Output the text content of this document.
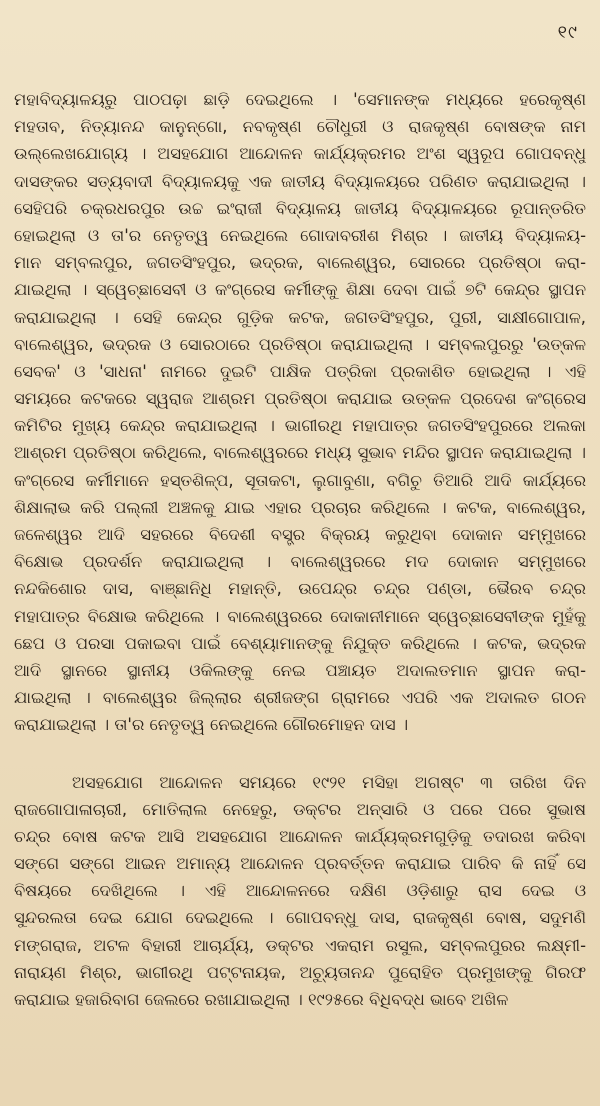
୧୯
ମହାବିଦ୍ୟାଳୟରୁ ପାଠପଢ଼ା ଛାଡ଼ି ଦେଇଥିଲେ । 'ସେମାନଙ୍କ ମଧ୍ୟରେ ହରେକୃଷ୍ଣ
ମହତାବ, ନିତ୍ୟାନନ୍ଦ କାନୁନ୍‌ଗୋ, ନବକୃଷ୍ଣ ଚୌଧୁରୀ ଓ ରାଜକୃଷ୍ଣ ବୋଷଙ୍କ ନାମ
ଉଲ୍ଲେଖଯୋଗ୍ୟ । ଅସହଯୋଗ ଆନ୍ଦୋଳନ କାର୍ଯ୍ୟକ୍ରମର ଅଂଶ ସ୍ୱରୂପ ଗୋପବନ୍ଧୁ
ଦାସଙ୍କର ସତ୍ୟବାଦୀ ବିଦ୍ୟାଳୟକୁ ଏକ ଜାତୀୟ ବିଦ୍ୟାଳୟରେ ପରିଣତ କରାଯାଇଥିଲା ।
ସେହିପରି ଚକ୍ରଧରପୁର ଉଚ୍ଚ ଇଂରାଜୀ ବିଦ୍ୟାଳୟ ଜାତୀୟ ବିଦ୍ୟାଳୟରେ ରୂପାନ୍ତରିତ
ହୋଇଥିଲା ଓ ତା'ର ନେତୃତ୍ୱ ନେଇଥିଲେ ଗୋଦାବରୀଶ ମିଶ୍ର । ଜାତୀୟ ବିଦ୍ୟାଳୟ-
ମାନ ସମ୍ବଲପୁର, ଜଗତସିଂହପୁର, ଭଦ୍ରକ, ବାଲେଶ୍ୱର, ସୋରରେ ପ୍ରତିଷ୍ଠା କରା-
ଯାଇଥିଲା । ସ୍ୱେଚ୍ଛାସେବୀ ଓ କଂଗ୍ରେସ କର୍ମୀଙ୍କୁ ଶିକ୍ଷା ଦେବା ପାଇଁ ୭ଟି କେନ୍ଦ୍ର ସ୍ଥାପନ
କରାଯାଇଥିଲା । ସେହି କେନ୍ଦ୍ର ଗୁଡ଼ିକ କଟକ, ଜଗତସିଂହପୁର, ପୁରୀ, ସାକ୍ଷୀଗୋପାଳ,
ବାଲେଶ୍ୱର, ଭଦ୍ରକ ଓ ସୋରଠାରେ ପ୍ରତିଷ୍ଠା କରାଯାଇଥିଲା । ସମ୍ବଲପୁରରୁ 'ଉତ୍କଳ
ସେବକ' ଓ 'ସାଧନା' ନାମରେ ଦୁଇଟି ପାକ୍ଷିକ ପତ୍ରିକା ପ୍ରକାଶିତ ହୋଇଥିଲା । ଏହି
ସମୟରେ କଟକରେ ସ୍ୱରାଜ ଆଶ୍ରମ ପ୍ରତିଷ୍ଠା କରାଯାଇ ଉତ୍କଳ ପ୍ରଦେଶ କଂଗ୍ରେସ
କମିଟିର ମୁଖ୍ୟ କେନ୍ଦ୍ର କରାଯାଇଥିଲା । ଭାଗୀରଥି ମହାପାତ୍ର ଜଗତସିଂହପୁରରେ ଅଲକା
ଆଶ୍ରମ ପ୍ରତିଷ୍ଠା କରିଥିଲେ, ବାଲେଶ୍ୱରରେ ମଧ୍ୟ ସୁଭାବ ମନ୍ଦିର ସ୍ଥାପନ କରାଯାଇଥିଲା ।
କଂଗ୍ରେସ କର୍ମୀମାନେ ହସ୍ତଶିଳ୍ପ, ସୂତାକଟା, ଲୁଗାବୁଣା, ବଗିଚୁ ତିଆରି ଆଦି କାର୍ଯ୍ୟରେ
ଶିକ୍ଷାଲାଭ କରି ପଲ୍ଲୀ ଅଞ୍ଚଳକୁ ଯାଇ ଏହାର ପ୍ରଚାର କରିଥିଲେ । କଟକ, ବାଲେଶ୍ୱର,
ଜଳେଶ୍ୱର ଆଦି ସହରରେ ବିଦେଶୀ ବସ୍ତ୍ର ବିକ୍ରୟ କରୁଥିବା ଦୋକାନ ସମ୍ମୁଖରେ
ବିକ୍ଷୋଭ ପ୍ରଦର୍ଶନ କରାଯାଇଥିଲା । ବାଲେଶ୍ୱରରେ ମଦ ଦୋକାନ ସମ୍ମୁଖରେ
ନନ୍ଦକିଶୋର ଦାସ, ବାଞ୍ଛାନିଧି ମହାନ୍ତି, ଉପେନ୍ଦ୍ର ଚନ୍ଦ୍ର ପଣ୍ଡା, ଭୈରବ ଚନ୍ଦ୍ର
ମହାପାତ୍ର ବିକ୍ଷୋଭ କରିଥିଲେ । ବାଲେଶ୍ୱରରେ ଦୋକାନୀମାନେ ସ୍ୱେଚ୍ଛାସେବୀଙ୍କ ମୁହଁକୁ
ଛେପ ଓ ପରସା ପକାଇବା ପାଇଁ ବେଶ୍ୟାମାନଙ୍କୁ ନିଯୁକ୍ତ କରିଥିଲେ । କଟକ, ଭଦ୍ରକ
ଆଦି ସ୍ଥାନରେ ସ୍ଥାନୀୟ ଓକିଲଙ୍କୁ ନେଇ ପଞ୍ଚାୟତ ଅଦାଲତମାନ ସ୍ଥାପନ କରା-
ଯାଇଥିଲା । ବାଲେଶ୍ୱର ଜିଲ୍ଲାର ଶ୍ରୀଜଙ୍ଗ ଗ୍ରାମରେ ଏପରି ଏକ ଅଦାଲତ ଗଠନ
କରାଯାଇଥିଲା । ତା'ର ନେତୃତ୍ୱ ନେଇଥିଲେ ଗୌରମୋହନ ଦାସ ।
ଅସହଯୋଗ ଆନ୍ଦୋଳନ ସମୟରେ ୧୯୨୧ ମସିହା ଅଗଷ୍ଟ ୩ ତାରିଖ ଦିନ
ରାଜଗୋପାଳାଚାରୀ, ମୋତିଲାଲ ନେହେରୁ, ଡକ୍ଟର ଅନ୍‌ସାରି ଓ ପରେ ପରେ ସୁଭାଷ
ଚନ୍ଦ୍ର ବୋଷ କଟକ ଆସି ଅସହଯୋଗ ଆନ୍ଦୋଳନ କାର୍ଯ୍ୟକ୍ରମଗୁଡ଼ିକୁ ତଦାରଖ କରିବା
ସଙ୍ଗେ ସଙ୍ଗେ ଆଇନ ଅମାନ୍ୟ ଆନ୍ଦୋଳନ ପ୍ରବର୍ତ୍ତନ କରାଯାଇ ପାରିବ କି ନାହିଁ ସେ
ବିଷୟରେ ଦେଖିଥିଲେ । ଏହି ଆନ୍ଦୋଳନରେ ଦକ୍ଷିଣ ଓଡ଼ିଶାରୁ ରାସ ଦେଇ ଓ
ସୁନ୍ଦରଲତା ଦେଇ ଯୋଗ ଦେଇଥିଲେ । ଗୋପବନ୍ଧୁ ଦାସ, ରାଜକୃଷ୍ଣ ବୋଷ, ସଦୁମଣି
ମଙ୍ଗରାଜ, ଅଟଳ ବିହାରୀ ଆଚାର୍ଯ୍ୟ, ଡକ୍ଟର ଏକରାମ ରସୁଲ, ସମ୍ବଲପୁରର ଲକ୍ଷ୍ମୀ-
ନାରାୟଣ ମିଶ୍ର, ଭାଗୀରଥି ପଟ୍ଟନାୟକ, ଅଚ୍ୟୁତାନନ୍ଦ ପୁରୋହିତ ପ୍ରମୁଖଙ୍କୁ ଗିରଫ
କରାଯାଇ ହଜାରିବାଗ ଜେଲରେ ରଖାଯାଇଥିଲା । ୧୯୨୫ରେ ବିଧିବଦ୍ଧ ଭାବେ ଅଖିଳ
